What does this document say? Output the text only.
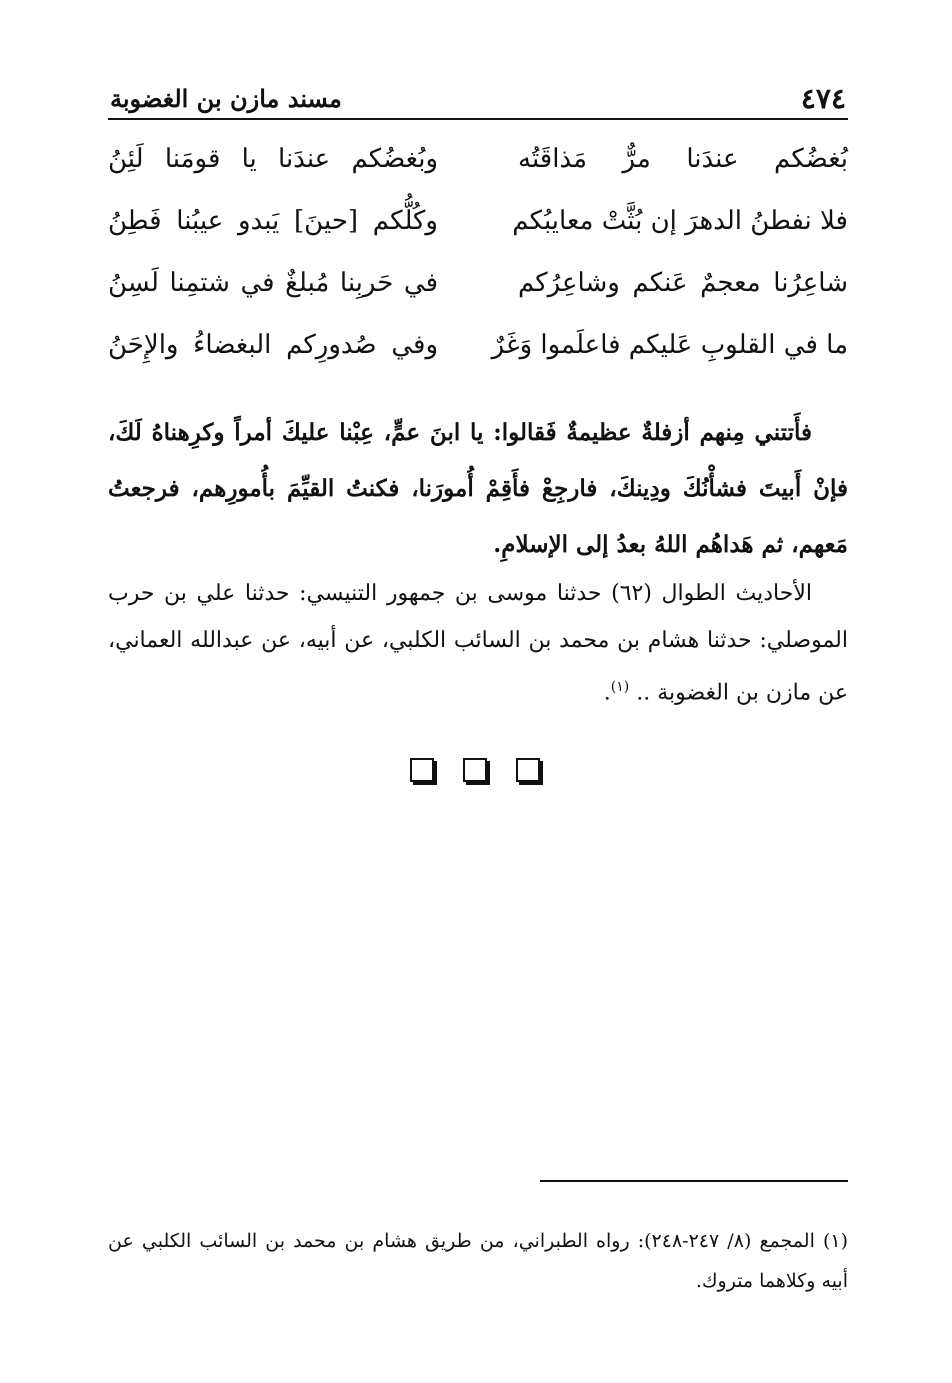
٤٧٤
مسند مازن بن الغضوبة
بُغضُكم عندَنا مرٌّ مَذاقَتُه
وبُغضُكم عندَنا يا قومَنا لَئِنُ
فلا نفطنُ الدهرَ إن بُثَّتْ معايبُكم
وكُلُّكم [حينَ] يَبدو عيبُنا فَطِنُ
شاعِرُنا معجمٌ عَنكم وشاعِرُكم
في حَربِنا مُبلغٌ في شتمِنا لَسِنُ
ما في القلوبِ عَليكم فاعلَموا وَغَرٌ
وفي صُدورِكم البغضاءُ والإِحَنُ

فأَتتني مِنهم أزفلةٌ عظيمةٌ فَقالوا: يا ابنَ عمٍّ، عِبْنا عليكَ أمراً وكرِهناهُ لَكَ، فإنْ أَبيتَ فشأْنُكَ ودِينكَ، فارجِعْ فأَقِمْ أُمورَنا، فكنتُ القيِّمَ بأُمورِهم، فرجعتُ مَعهم، ثم هَداهُم اللهُ بعدُ إلى الإسلامِ.

الأحاديث الطوال (٦٢) حدثنا موسى بن جمهور التنيسي: حدثنا علي بن حرب الموصلي: حدثنا هشام بن محمد بن السائب الكلبي، عن أبيه، عن عبدالله العماني، عن مازن بن الغضوبة .. $^{(١)}$.

(١) المجمع (٨/ ٢٤٧-٢٤٨): رواه الطبراني، من طريق هشام بن محمد بن السائب الكلبي عن أبيه وكلاهما متروك.
